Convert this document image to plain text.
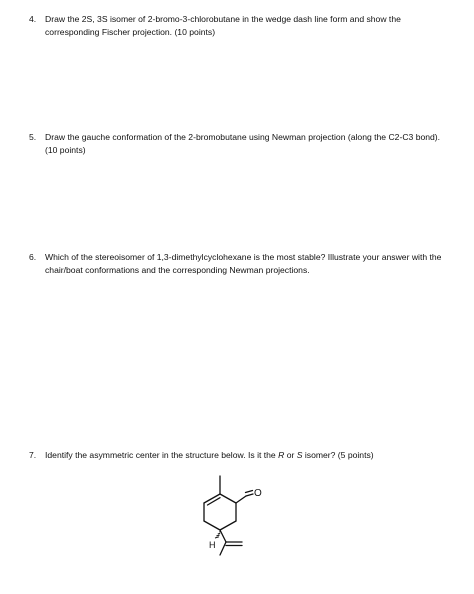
4.	Draw the 2S, 3S isomer of 2-bromo-3-chlorobutane in the wedge dash line form and show the corresponding Fischer projection. (10 points)
5.	Draw the gauche conformation of the 2-bromobutane using Newman projection (along the C2-C3 bond). (10 points)
6.	Which of the stereoisomer of 1,3-dimethylcyclohexane is the most stable? Illustrate your answer with the chair/boat conformations and the corresponding Newman projections.
7.	Identify the asymmetric center in the structure below. Is it the R or S isomer? (5 points)
O
H
